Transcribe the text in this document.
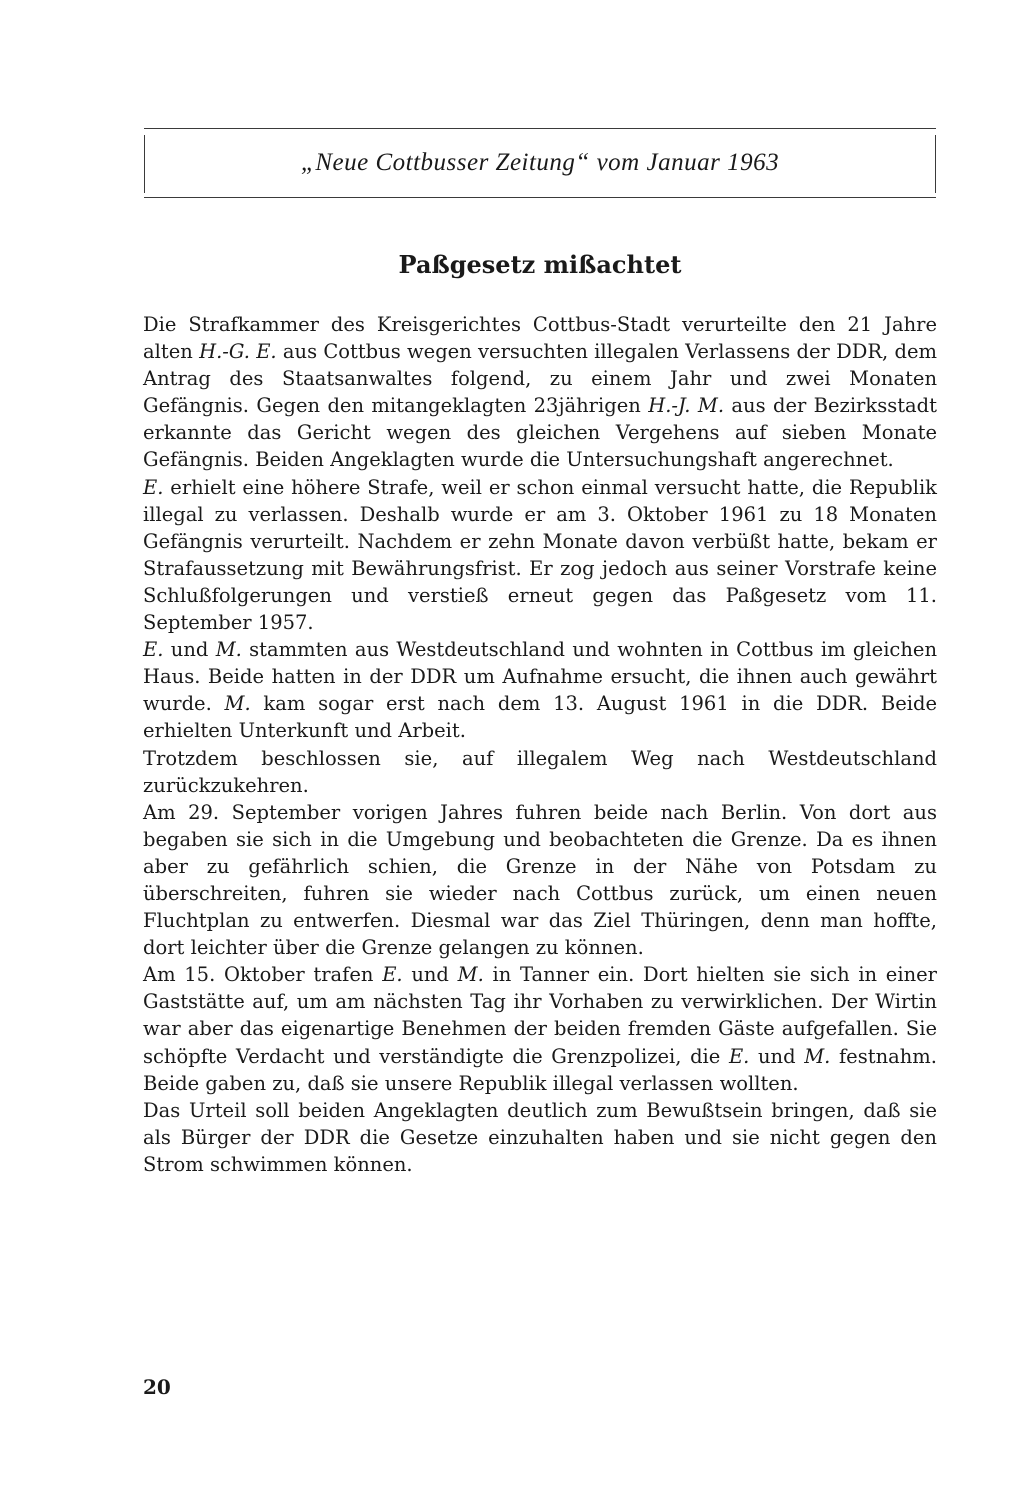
„Neue Cottbusser Zeitung“ vom Januar 1963
Paßgesetz mißachtet

Die Strafkammer des Kreisgerichtes Cottbus-Stadt verurteilte den 21 Jahre alten H.-G. E. aus Cottbus wegen versuchten illegalen Verlassens der DDR, dem Antrag des Staatsanwaltes folgend, zu einem Jahr und zwei Monaten Gefängnis. Gegen den mitangeklagten 23jährigen H.-J. M. aus der Bezirksstadt erkannte das Gericht wegen des gleichen Vergehens auf sieben Monate Gefängnis. Beiden Angeklagten wurde die Untersuchungshaft angerechnet.

E. erhielt eine höhere Strafe, weil er schon einmal versucht hatte, die Republik illegal zu verlassen. Deshalb wurde er am 3. Oktober 1961 zu 18 Monaten Gefängnis verurteilt. Nachdem er zehn Monate davon verbüßt hatte, bekam er Strafaussetzung mit Bewährungsfrist. Er zog jedoch aus seiner Vorstrafe keine Schlußfolgerungen und verstieß erneut gegen das Paßgesetz vom 11. September 1957.

E. und M. stammten aus Westdeutschland und wohnten in Cottbus im gleichen Haus. Beide hatten in der DDR um Aufnahme ersucht, die ihnen auch gewährt wurde. M. kam sogar erst nach dem 13. August 1961 in die DDR. Beide erhielten Unterkunft und Arbeit.

Trotzdem beschlossen sie, auf illegalem Weg nach Westdeutschland zurückzukehren.

Am 29. September vorigen Jahres fuhren beide nach Berlin. Von dort aus begaben sie sich in die Umgebung und beobachteten die Grenze. Da es ihnen aber zu gefährlich schien, die Grenze in der Nähe von Potsdam zu überschreiten, fuhren sie wieder nach Cottbus zurück, um einen neuen Fluchtplan zu entwerfen. Diesmal war das Ziel Thüringen, denn man hoffte, dort leichter über die Grenze gelangen zu können.

Am 15. Oktober trafen E. und M. in Tanner ein. Dort hielten sie sich in einer Gaststätte auf, um am nächsten Tag ihr Vorhaben zu verwirklichen. Der Wirtin war aber das eigenartige Benehmen der beiden fremden Gäste aufgefallen. Sie schöpfte Verdacht und verständigte die Grenzpolizei, die E. und M. festnahm. Beide gaben zu, daß sie unsere Republik illegal verlassen wollten.

Das Urteil soll beiden Angeklagten deutlich zum Bewußtsein bringen, daß sie als Bürger der DDR die Gesetze einzuhalten haben und sie nicht gegen den Strom schwimmen können.

20
